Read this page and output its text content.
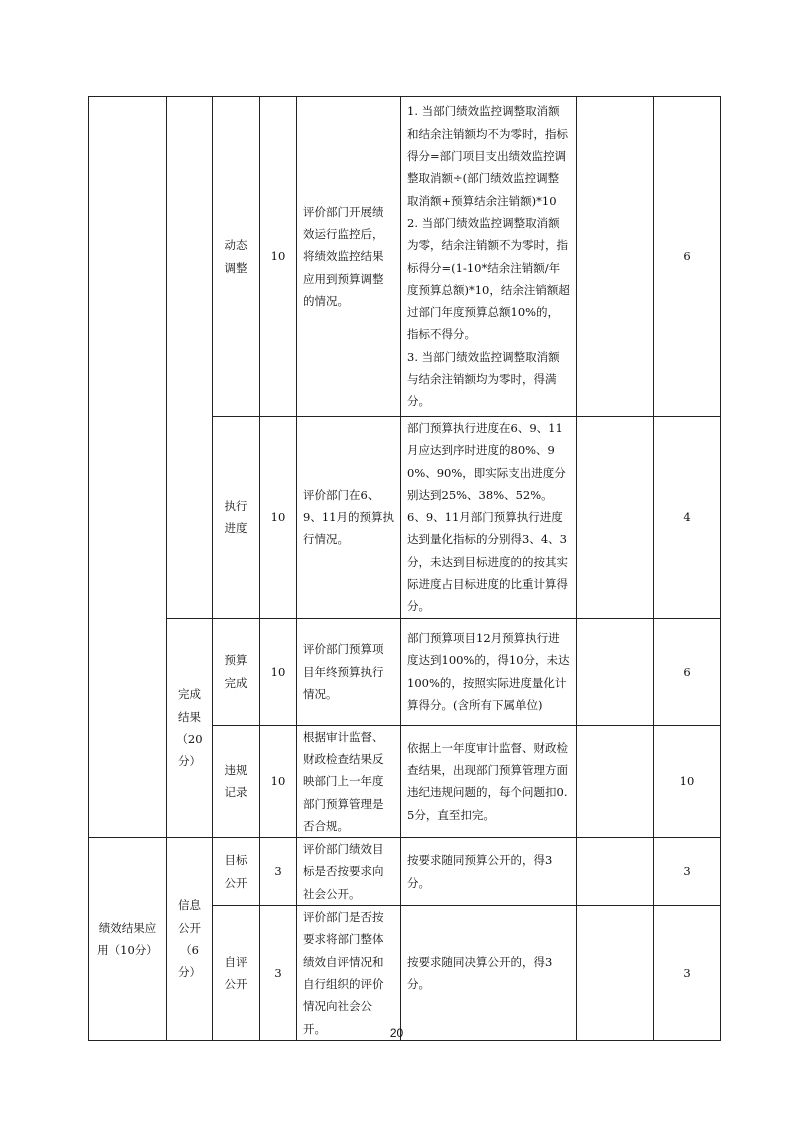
		动态调整	10	评价部门开展绩效运行监控后，将绩效监控结果应用到预算调整的情况。	1. 当部门绩效监控调整取消额和结余注销额均不为零时，指标得分=部门项目支出绩效监控调整取消额÷(部门绩效监控调整取消额+预算结余注销额)*10
2. 当部门绩效监控调整取消额为零，结余注销额不为零时，指标得分=(1-10*结余注销额/年度预算总额)*10，结余注销额超过部门年度预算总额10%的，指标不得分。
3. 当部门绩效监控调整取消额与结余注销额均为零时，得满分。		6
		执行进度	10	评价部门在6、9、11月的预算执行情况。	部门预算执行进度在6、9、11月应达到序时进度的80%、90%、90%，即实际支出进度分别达到25%、38%、52%。
6、9、11月部门预算执行进度达到量化指标的分别得3、4、3分，未达到目标进度的的按其实际进度占目标进度的比重计算得分。		4
	完成结果（20分）	预算完成	10	评价部门预算项目年终预算执行情况。	部门预算项目12月预算执行进度达到100%的，得10分，未达100%的，按照实际进度量化计算得分。(含所有下属单位)		6
		违规记录	10	根据审计监督、财政检查结果反映部门上一年度部门预算管理是否合规。	依据上一年度审计监督、财政检查结果，出现部门预算管理方面违纪违规问题的，每个问题扣0.5分，直至扣完。		10
绩效结果应用（10分）	信息公开（6分）	目标公开	3	评价部门绩效目标是否按要求向社会公开。	按要求随同预算公开的，得3分。		3
		自评公开	3	评价部门是否按要求将部门整体绩效自评情况和自行组织的评价情况向社会公开。	按要求随同决算公开的，得3分。		3
20
